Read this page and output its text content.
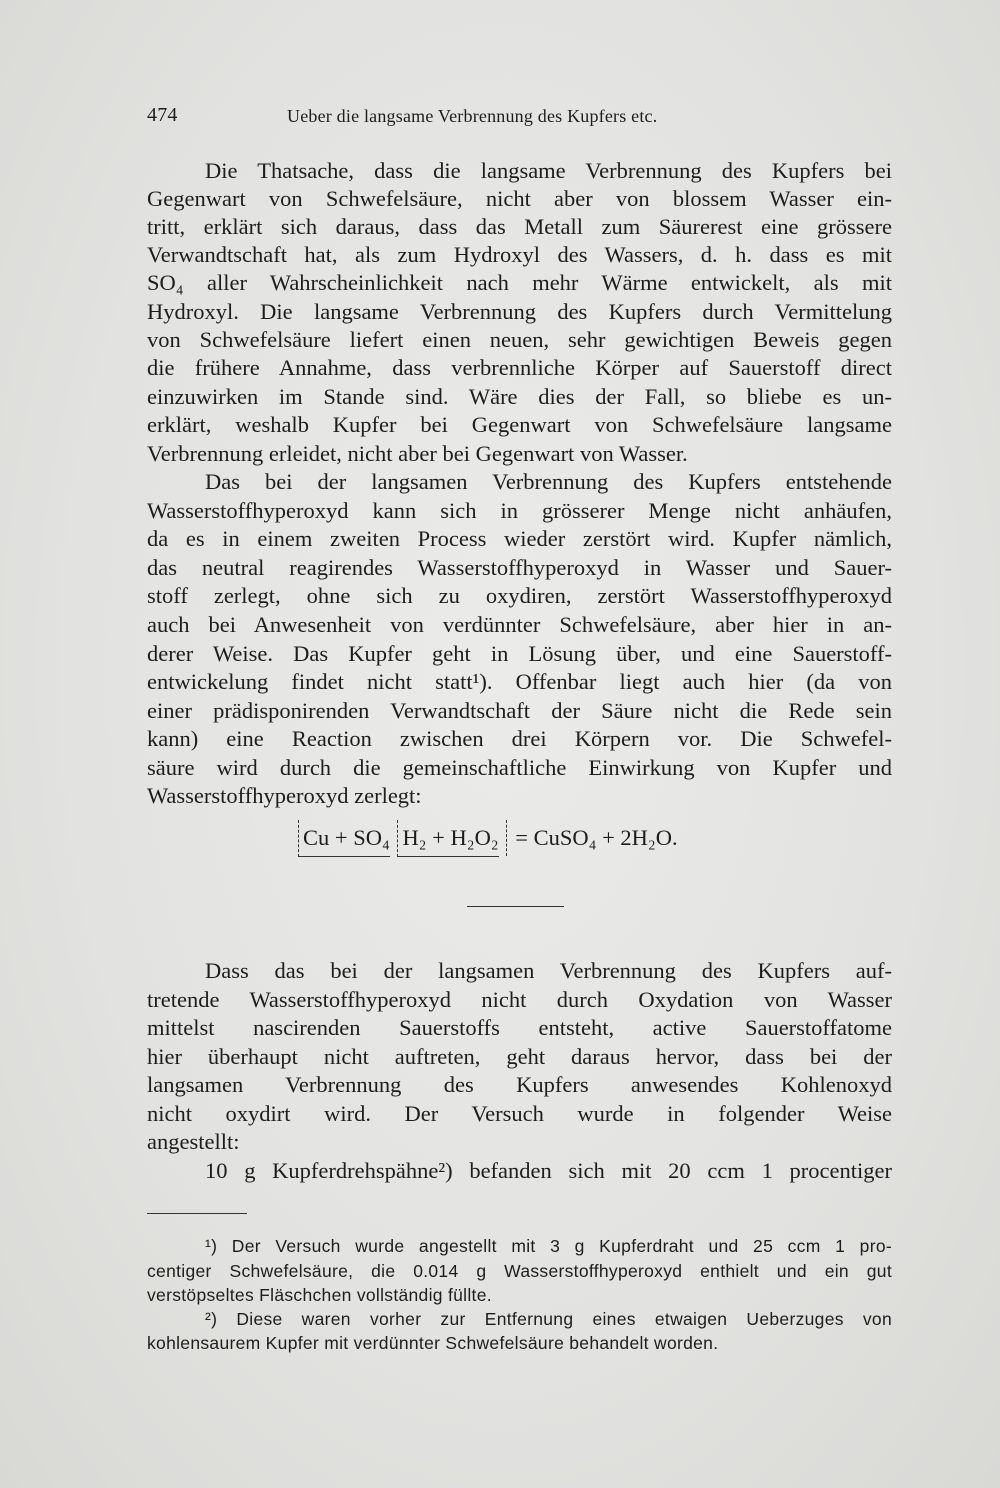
474	Ueber die langsame Verbrennung des Kupfers etc.
Die Thatsache, dass die langsame Verbrennung des Kupfers bei
Gegenwart von Schwefelsäure, nicht aber von blossem Wasser ein-
tritt, erklärt sich daraus, dass das Metall zum Säurerest eine grössere
Verwandtschaft hat, als zum Hydroxyl des Wassers, d. h. dass es mit
SO₄ aller Wahrscheinlichkeit nach mehr Wärme entwickelt, als mit
Hydroxyl. Die langsame Verbrennung des Kupfers durch Vermittelung
von Schwefelsäure liefert einen neuen, sehr gewichtigen Beweis gegen
die frühere Annahme, dass verbrennliche Körper auf Sauerstoff direct
einzuwirken im Stande sind. Wäre dies der Fall, so bliebe es un-
erklärt, weshalb Kupfer bei Gegenwart von Schwefelsäure langsame
Verbrennung erleidet, nicht aber bei Gegenwart von Wasser.
Das bei der langsamen Verbrennung des Kupfers entstehende
Wasserstoffhyperoxyd kann sich in grösserer Menge nicht anhäufen,
da es in einem zweiten Process wieder zerstört wird. Kupfer nämlich,
das neutral reagirendes Wasserstoffhyperoxyd in Wasser und Sauer-
stoff zerlegt, ohne sich zu oxydiren, zerstört Wasserstoffhyperoxyd
auch bei Anwesenheit von verdünnter Schwefelsäure, aber hier in an-
derer Weise. Das Kupfer geht in Lösung über, und eine Sauerstoff-
entwickelung findet nicht statt¹). Offenbar liegt auch hier (da von
einer prädisponirenden Verwandtschaft der Säure nicht die Rede sein
kann) eine Reaction zwischen drei Körpern vor. Die Schwefel-
säure wird durch die gemeinschaftliche Einwirkung von Kupfer und
Wasserstoffhyperoxyd zerlegt:
Cu + SO₄ H₂ + H₂O₂ = CuSO₄ + 2H₂O.
Dass das bei der langsamen Verbrennung des Kupfers auf-
tretende Wasserstoffhyperoxyd nicht durch Oxydation von Wasser
mittelst nascirenden Sauerstoffs entsteht, active Sauerstoffatome
hier überhaupt nicht auftreten, geht daraus hervor, dass bei der
langsamen Verbrennung des Kupfers anwesendes Kohlenoxyd
nicht oxydirt wird. Der Versuch wurde in folgender Weise
angestellt:
10 g Kupferdrehspähne²) befanden sich mit 20 ccm 1 procentiger
¹) Der Versuch wurde angestellt mit 3 g Kupferdraht und 25 ccm 1 pro-
centiger Schwefelsäure, die 0.014 g Wasserstoffhyperoxyd enthielt und ein gut
verstöpseltes Fläschchen vollständig füllte.
²) Diese waren vorher zur Entfernung eines etwaigen Ueberzuges von
kohlensaurem Kupfer mit verdünnter Schwefelsäure behandelt worden.
